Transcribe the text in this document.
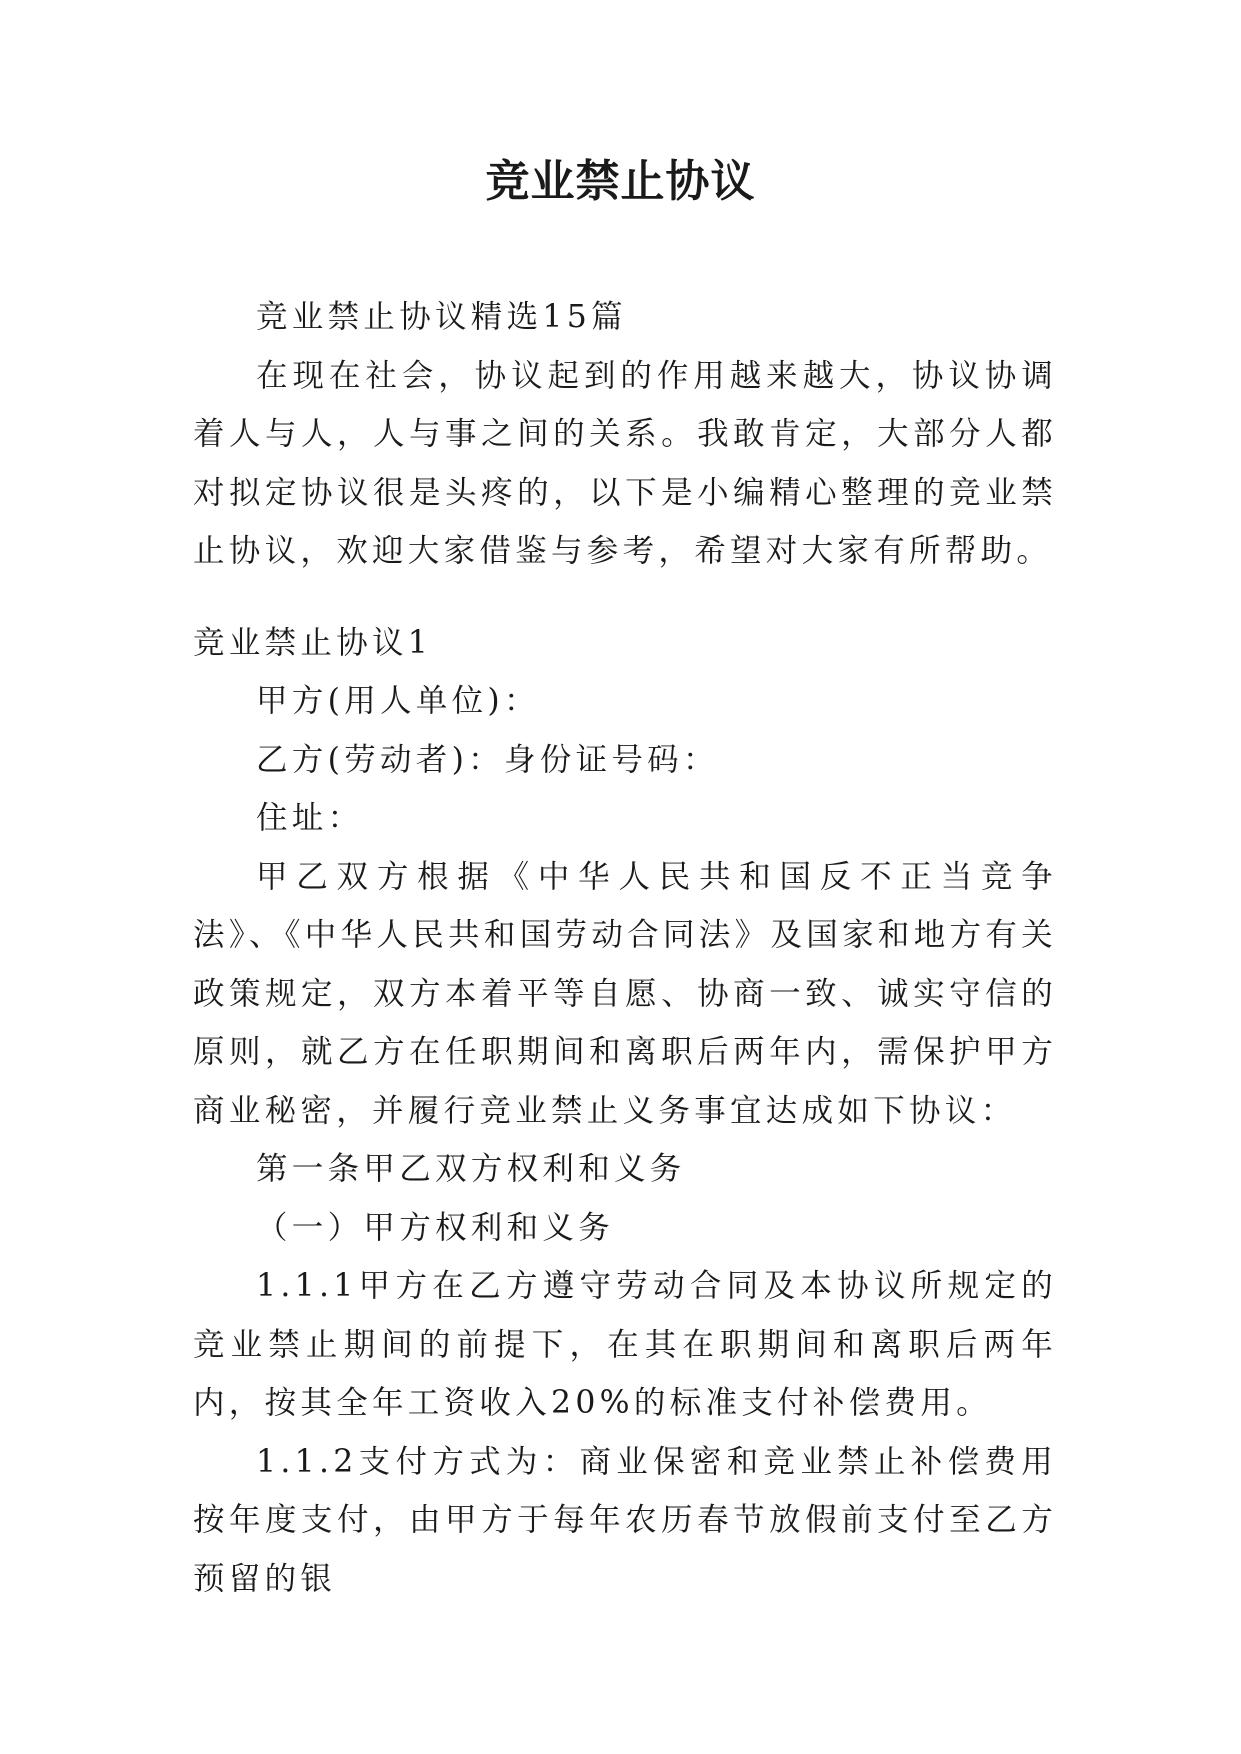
竞业禁止协议

竞业禁止协议精选15篇

在现在社会，协议起到的作用越来越大，协议协调着人与人，人与事之间的关系。我敢肯定，大部分人都对拟定协议很是头疼的，以下是小编精心整理的竞业禁止协议，欢迎大家借鉴与参考，希望对大家有所帮助。

竞业禁止协议1

甲方(用人单位)：

乙方(劳动者)：身份证号码：

住址：

甲乙双方根据《中华人民共和国反不正当竞争法》、《中华人民共和国劳动合同法》及国家和地方有关政策规定，双方本着平等自愿、协商一致、诚实守信的原则，就乙方在任职期间和离职后两年内，需保护甲方商业秘密，并履行竞业禁止义务事宜达成如下协议：

第一条甲乙双方权利和义务

（一）甲方权利和义务

1.1.1甲方在乙方遵守劳动合同及本协议所规定的竞业禁止期间的前提下，在其在职期间和离职后两年内，按其全年工资收入20%的标准支付补偿费用。

1.1.2支付方式为：商业保密和竞业禁止补偿费用按年度支付，由甲方于每年农历春节放假前支付至乙方预留的银
